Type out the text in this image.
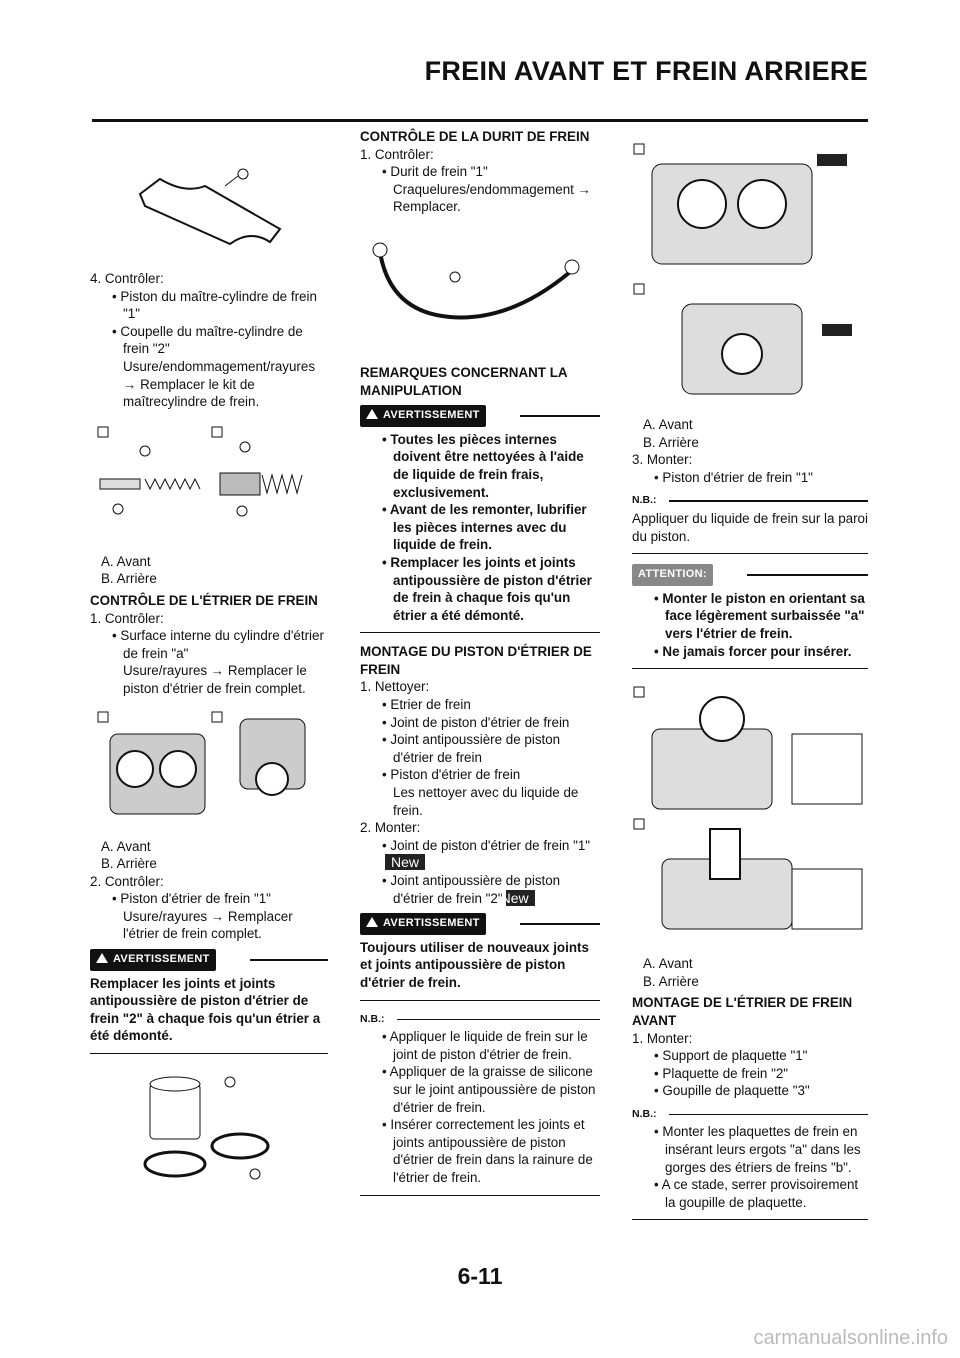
FREIN AVANT ET FREIN ARRIERE
4. Contrôler:
• Piston du maître-cylindre de frein "1"
• Coupelle du maître-cylindre de frein "2"
Usure/endommagement/rayures
→ Remplacer le kit de maîtrecylindre de frein.
A. Avant
B. Arrière
CONTRÔLE DE L'ÉTRIER DE FREIN
1. Contrôler:
• Surface interne du cylindre d'étrier de frein "a"
Usure/rayures → Remplacer le piston d'étrier de frein complet.
A. Avant
B. Arrière
2. Contrôler:
• Piston d'étrier de frein "1"
Usure/rayures → Remplacer l'étrier de frein complet.
AVERTISSEMENT
Remplacer les joints et joints antipoussière de piston d'étrier de frein "2" à chaque fois qu'un étrier a été démonté.
CONTRÔLE DE LA DURIT DE FREIN
1. Contrôler:
• Durit de frein "1"
Craquelures/endommagement →
Remplacer.
REMARQUES CONCERNANT LA MANIPULATION
AVERTISSEMENT
• Toutes les pièces internes doivent être nettoyées à l'aide de liquide de frein frais, exclusivement.
• Avant de les remonter, lubrifier les pièces internes avec du liquide de frein.
• Remplacer les joints et joints antipoussière de piston d'étrier de frein à chaque fois qu'un étrier a été démonté.
MONTAGE DU PISTON D'ÉTRIER DE FREIN
1. Nettoyer:
• Etrier de frein
• Joint de piston d'étrier de frein
• Joint antipoussière de piston d'étrier de frein
• Piston d'étrier de frein
Les nettoyer avec du liquide de frein.
2. Monter:
• Joint de piston d'étrier de frein "1"
New
• Joint antipoussière de piston d'étrier de frein "2"New
AVERTISSEMENT
Toujours utiliser de nouveaux joints et joints antipoussière de piston d'étrier de frein.
N.B.:
• Appliquer le liquide de frein sur le joint de piston d'étrier de frein.
• Appliquer de la graisse de silicone sur le joint antipoussière de piston d'étrier de frein.
• Insérer correctement les joints et joints antipoussière de piston d'étrier de frein dans la rainure de l'étrier de frein.
A. Avant
B. Arrière
3. Monter:
• Piston d'étrier de frein "1"
N.B.:
Appliquer du liquide de frein sur la paroi du piston.
ATTENTION:
• Monter le piston en orientant sa face légèrement surbaissée "a" vers l'étrier de frein.
• Ne jamais forcer pour insérer.
A. Avant
B. Arrière
MONTAGE DE L'ÉTRIER DE FREIN AVANT
1. Monter:
• Support de plaquette "1"
• Plaquette de frein "2"
• Goupille de plaquette "3"
N.B.:
• Monter les plaquettes de frein en insérant leurs ergots "a" dans les gorges des étriers de freins "b".
• A ce stade, serrer provisoirement la goupille de plaquette.
6-11
carmanualsonline.info
